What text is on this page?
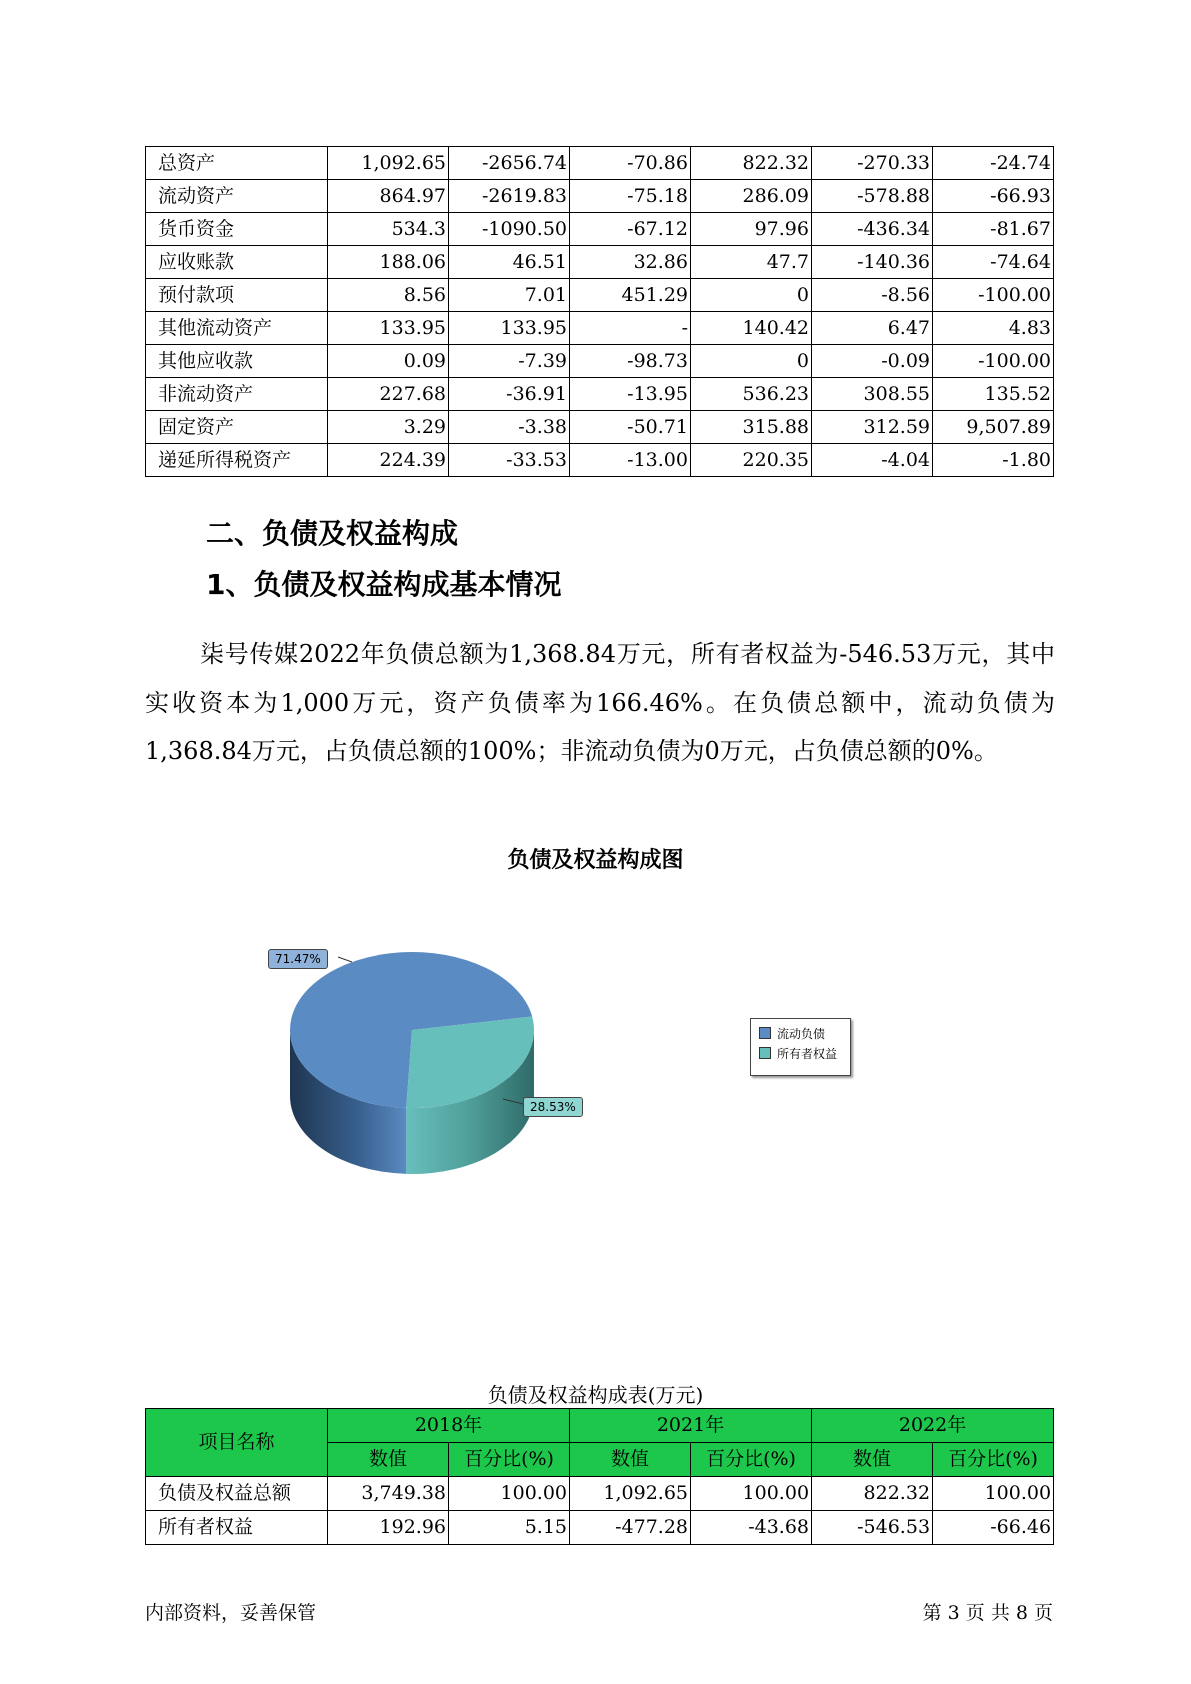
总资产	1,092.65	-2656.74	-70.86	822.32	-270.33	-24.74
流动资产	864.97	-2619.83	-75.18	286.09	-578.88	-66.93
货币资金	534.3	-1090.50	-67.12	97.96	-436.34	-81.67
应收账款	188.06	46.51	32.86	47.7	-140.36	-74.64
预付款项	8.56	7.01	451.29	0	-8.56	-100.00
其他流动资产	133.95	133.95	-	140.42	6.47	4.83
其他应收款	0.09	-7.39	-98.73	0	-0.09	-100.00
非流动资产	227.68	-36.91	-13.95	536.23	308.55	135.52
固定资产	3.29	-3.38	-50.71	315.88	312.59	9,507.89
递延所得税资产	224.39	-33.53	-13.00	220.35	-4.04	-1.80
二、负债及权益构成
1、负债及权益构成基本情况

柒号传媒2022年负债总额为1,368.84万元，所有者权益为-546.53万元，其中实收资本为1,000万元，资产负债率为166.46%。在负债总额中，流动负债为1,368.84万元，占负债总额的100%；非流动负债为0万元，占负债总额的0%。

负债及权益构成图
71.47%
28.53%
流动负债
所有者权益
负债及权益构成表(万元)
项目名称	2018年		2021年		2022年	
	数值	百分比(%)	数值	百分比(%)	数值	百分比(%)
负债及权益总额	3,749.38	100.00	1,092.65	100.00	822.32	100.00
所有者权益	192.96	5.15	-477.28	-43.68	-546.53	-66.46
内部资料，妥善保管	第 3 页 共 8 页
